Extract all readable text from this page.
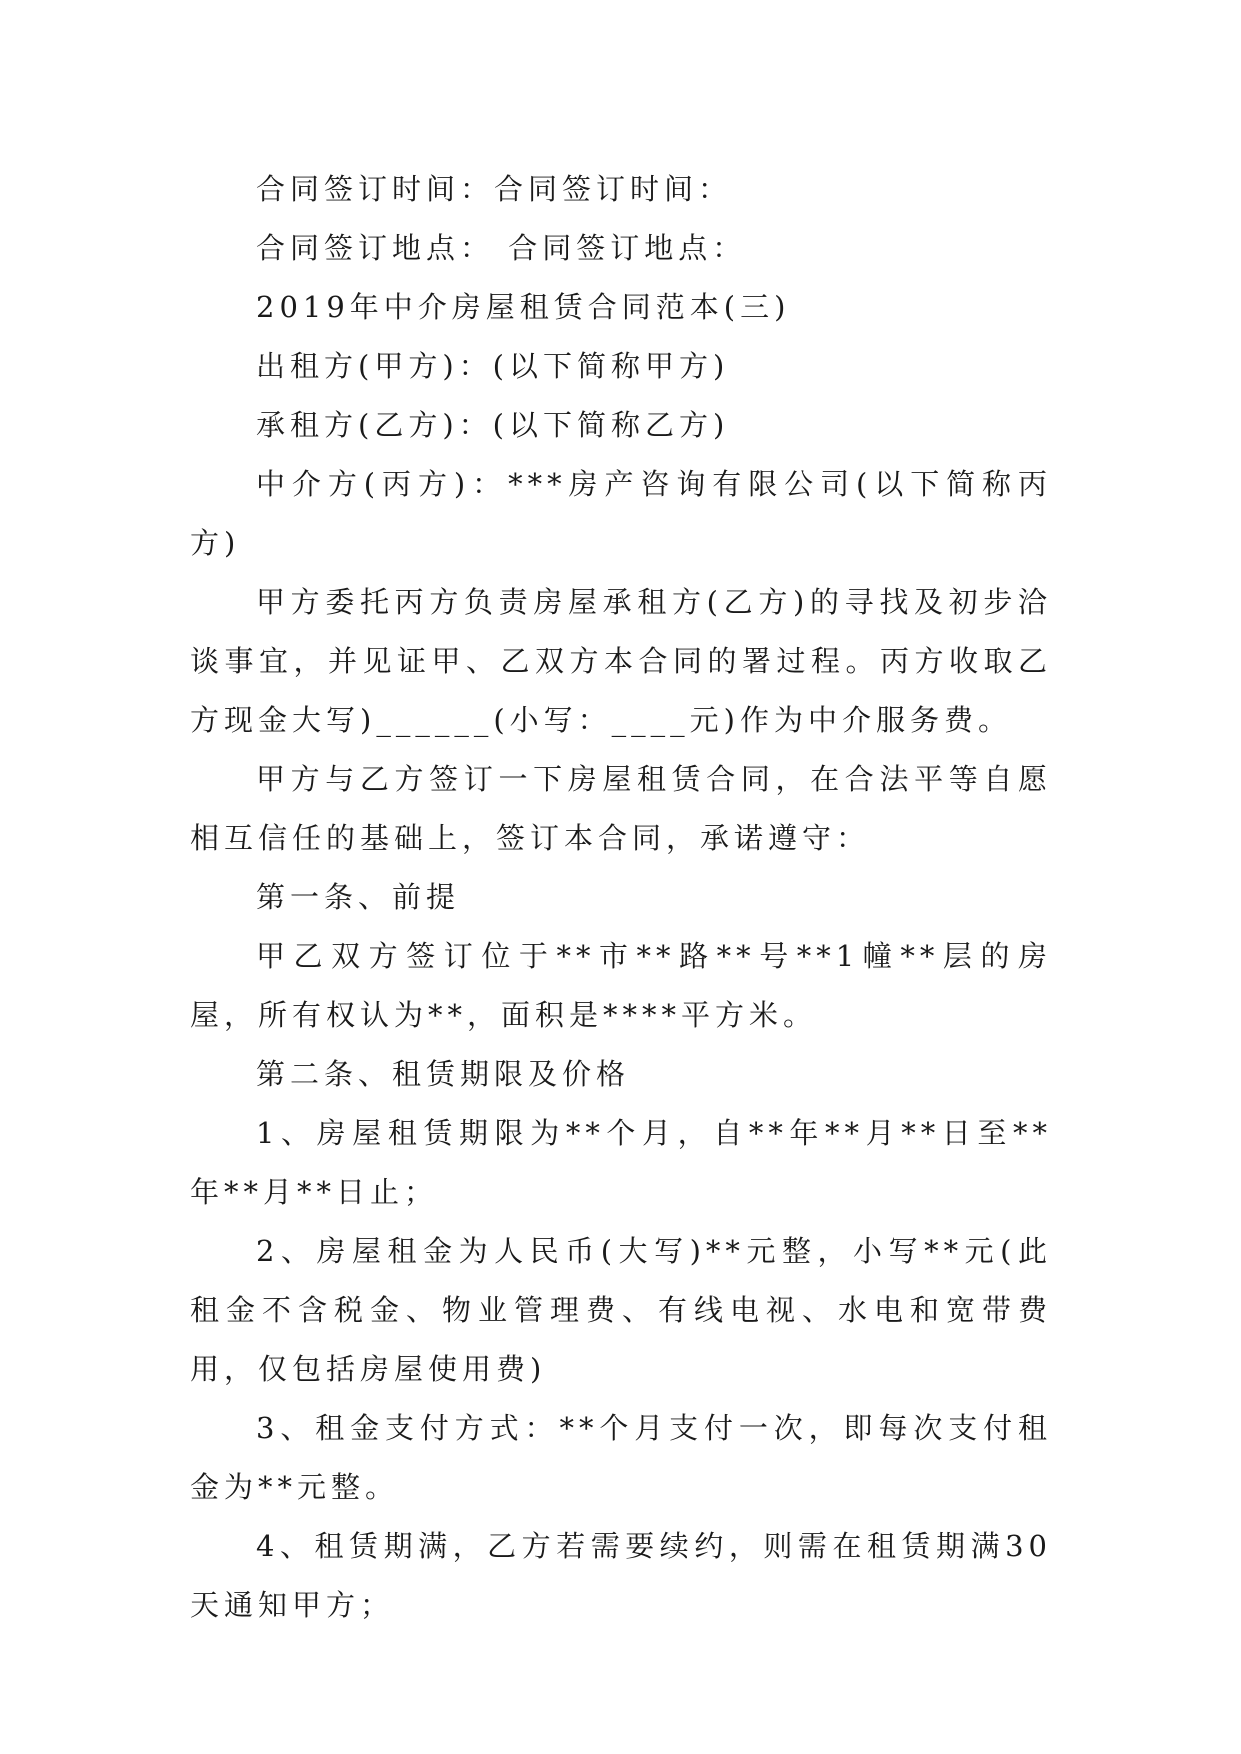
合同签订时间：合同签订时间：

合同签订地点： 合同签订地点：

2019年中介房屋租赁合同范本(三)

出租方(甲方)：(以下简称甲方)

承租方(乙方)：(以下简称乙方)

中介方(丙方)：***房产咨询有限公司(以下简称丙方)

甲方委托丙方负责房屋承租方(乙方)的寻找及初步洽谈事宜，并见证甲、乙双方本合同的署过程。丙方收取乙方现金大写)______(小写：____元)作为中介服务费。

甲方与乙方签订一下房屋租赁合同，在合法平等自愿相互信任的基础上，签订本合同，承诺遵守：

第一条、前提

甲乙双方签订位于**市**路**号**1幢**层的房屋，所有权认为**，面积是****平方米。

第二条、租赁期限及价格

1、房屋租赁期限为**个月，自**年**月**日至**年**月**日止；

2、房屋租金为人民币(大写)**元整，小写**元(此租金不含税金、物业管理费、有线电视、水电和宽带费用，仅包括房屋使用费)

3、租金支付方式：**个月支付一次，即每次支付租金为**元整。

4、租赁期满，乙方若需要续约，则需在租赁期满30天通知甲方；
